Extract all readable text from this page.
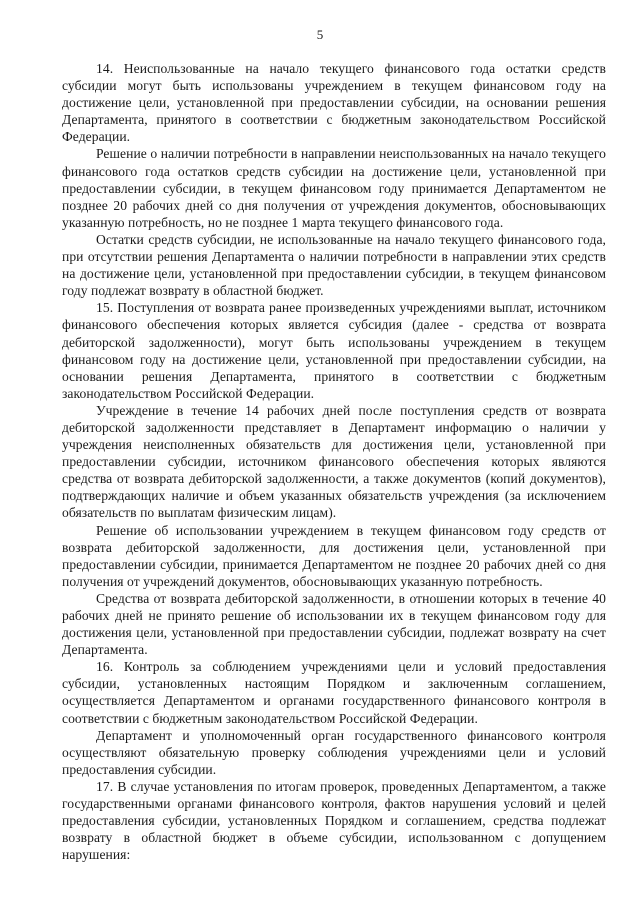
5

14. Неиспользованные на начало текущего финансового года остатки средств субсидии могут быть использованы учреждением в текущем финансовом году на достижение цели, установленной при предоставлении субсидии, на основании решения Департамента, принятого в соответствии с бюджетным законодательством Российской Федерации.

Решение о наличии потребности в направлении неиспользованных на начало текущего финансового года остатков средств субсидии на достижение цели, установленной при предоставлении субсидии, в текущем финансовом году принимается Департаментом не позднее 20 рабочих дней со дня получения от учреждения документов, обосновывающих указанную потребность, но не позднее 1 марта текущего финансового года.

Остатки средств субсидии, не использованные на начало текущего финансового года, при отсутствии решения Департамента о наличии потребности в направлении этих средств на достижение цели, установленной при предоставлении субсидии, в текущем финансовом году подлежат возврату в областной бюджет.

15. Поступления от возврата ранее произведенных учреждениями выплат, источником финансового обеспечения которых является субсидия (далее - средства от возврата дебиторской задолженности), могут быть использованы учреждением в текущем финансовом году на достижение цели, установленной при предоставлении субсидии, на основании решения Департамента, принятого в соответствии с бюджетным законодательством Российской Федерации.

Учреждение в течение 14 рабочих дней после поступления средств от возврата дебиторской задолженности представляет в Департамент информацию о наличии у учреждения неисполненных обязательств для достижения цели, установленной при предоставлении субсидии, источником финансового обеспечения которых являются средства от возврата дебиторской задолженности, а также документов (копий документов), подтверждающих наличие и объем указанных обязательств учреждения (за исключением обязательств по выплатам физическим лицам).

Решение об использовании учреждением в текущем финансовом году средств от возврата дебиторской задолженности, для достижения цели, установленной при предоставлении субсидии, принимается Департаментом не позднее 20 рабочих дней со дня получения от учреждений документов, обосновывающих указанную потребность.

Средства от возврата дебиторской задолженности, в отношении которых в течение 40 рабочих дней не принято решение об использовании их в текущем финансовом году для достижения цели, установленной при предоставлении субсидии, подлежат возврату на счет Департамента.

16. Контроль за соблюдением учреждениями цели и условий предоставления субсидии, установленных настоящим Порядком и заключенным соглашением, осуществляется Департаментом и органами государственного финансового контроля в соответствии с бюджетным законодательством Российской Федерации.

Департамент и уполномоченный орган государственного финансового контроля осуществляют обязательную проверку соблюдения учреждениями цели и условий предоставления субсидии.

17. В случае установления по итогам проверок, проведенных Департаментом, а также государственными органами финансового контроля, фактов нарушения условий и целей предоставления субсидии, установленных Порядком и соглашением, средства подлежат возврату в областной бюджет в объеме субсидии, использованном с допущением нарушения:
